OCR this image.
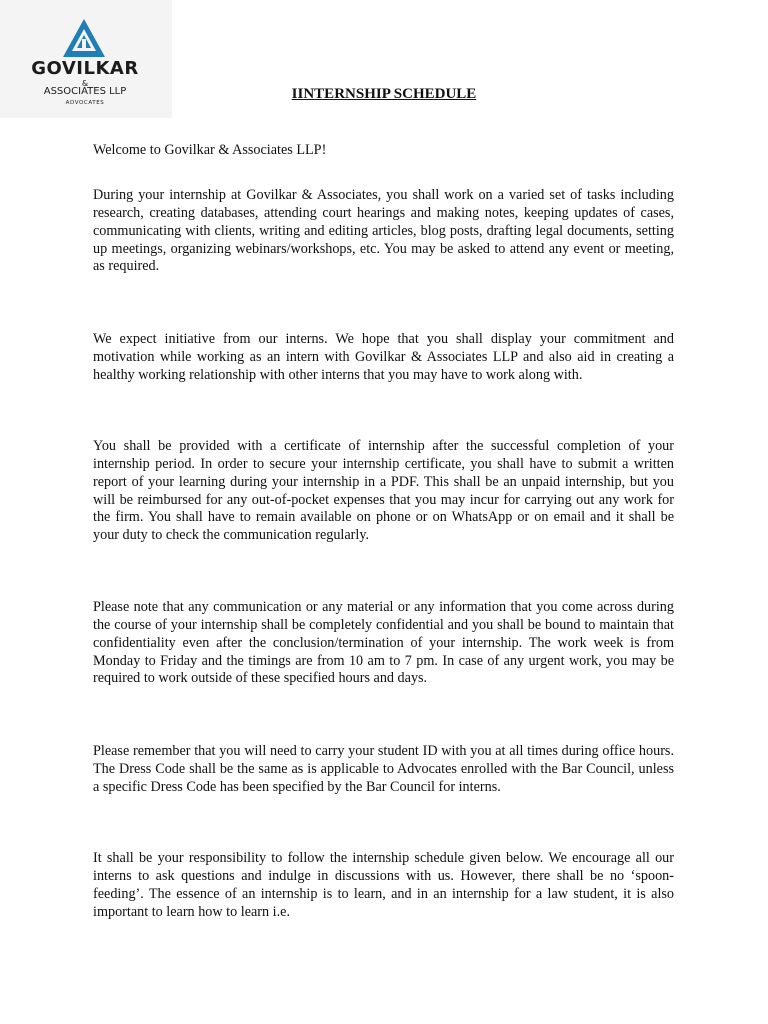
GOVILKAR
&
ASSOCIATES LLP
ADVOCATES
IINTERNSHIP SCHEDULE

Welcome to Govilkar & Associates LLP!

During your internship at Govilkar & Associates, you shall work on a varied set of tasks including research, creating databases, attending court hearings and making notes, keeping updates of cases, communicating with clients, writing and editing articles, blog posts, drafting legal documents, setting up meetings, organizing webinars/workshops, etc. You may be asked to attend any event or meeting, as required.

We expect initiative from our interns. We hope that you shall display your commitment and motivation while working as an intern with Govilkar & Associates LLP and also aid in creating a healthy working relationship with other interns that you may have to work along with.

You shall be provided with a certificate of internship after the successful completion of your internship period. In order to secure your internship certificate, you shall have to submit a written report of your learning during your internship in a PDF. This shall be an unpaid internship, but you will be reimbursed for any out-of-pocket expenses that you may incur for carrying out any work for the firm. You shall have to remain available on phone or on WhatsApp or on email and it shall be your duty to check the communication regularly.

Please note that any communication or any material or any information that you come across during the course of your internship shall be completely confidential and you shall be bound to maintain that confidentiality even after the conclusion/termination of your internship. The work week is from Monday to Friday and the timings are from 10 am to 7 pm. In case of any urgent work, you may be required to work outside of these specified hours and days.

Please remember that you will need to carry your student ID with you at all times during office hours. The Dress Code shall be the same as is applicable to Advocates enrolled with the Bar Council, unless a specific Dress Code has been specified by the Bar Council for interns.

It shall be your responsibility to follow the internship schedule given below. We encourage all our interns to ask questions and indulge in discussions with us. However, there shall be no ‘spoon-feeding’. The essence of an internship is to learn, and in an internship for a law student, it is also important to learn how to learn i.e.
